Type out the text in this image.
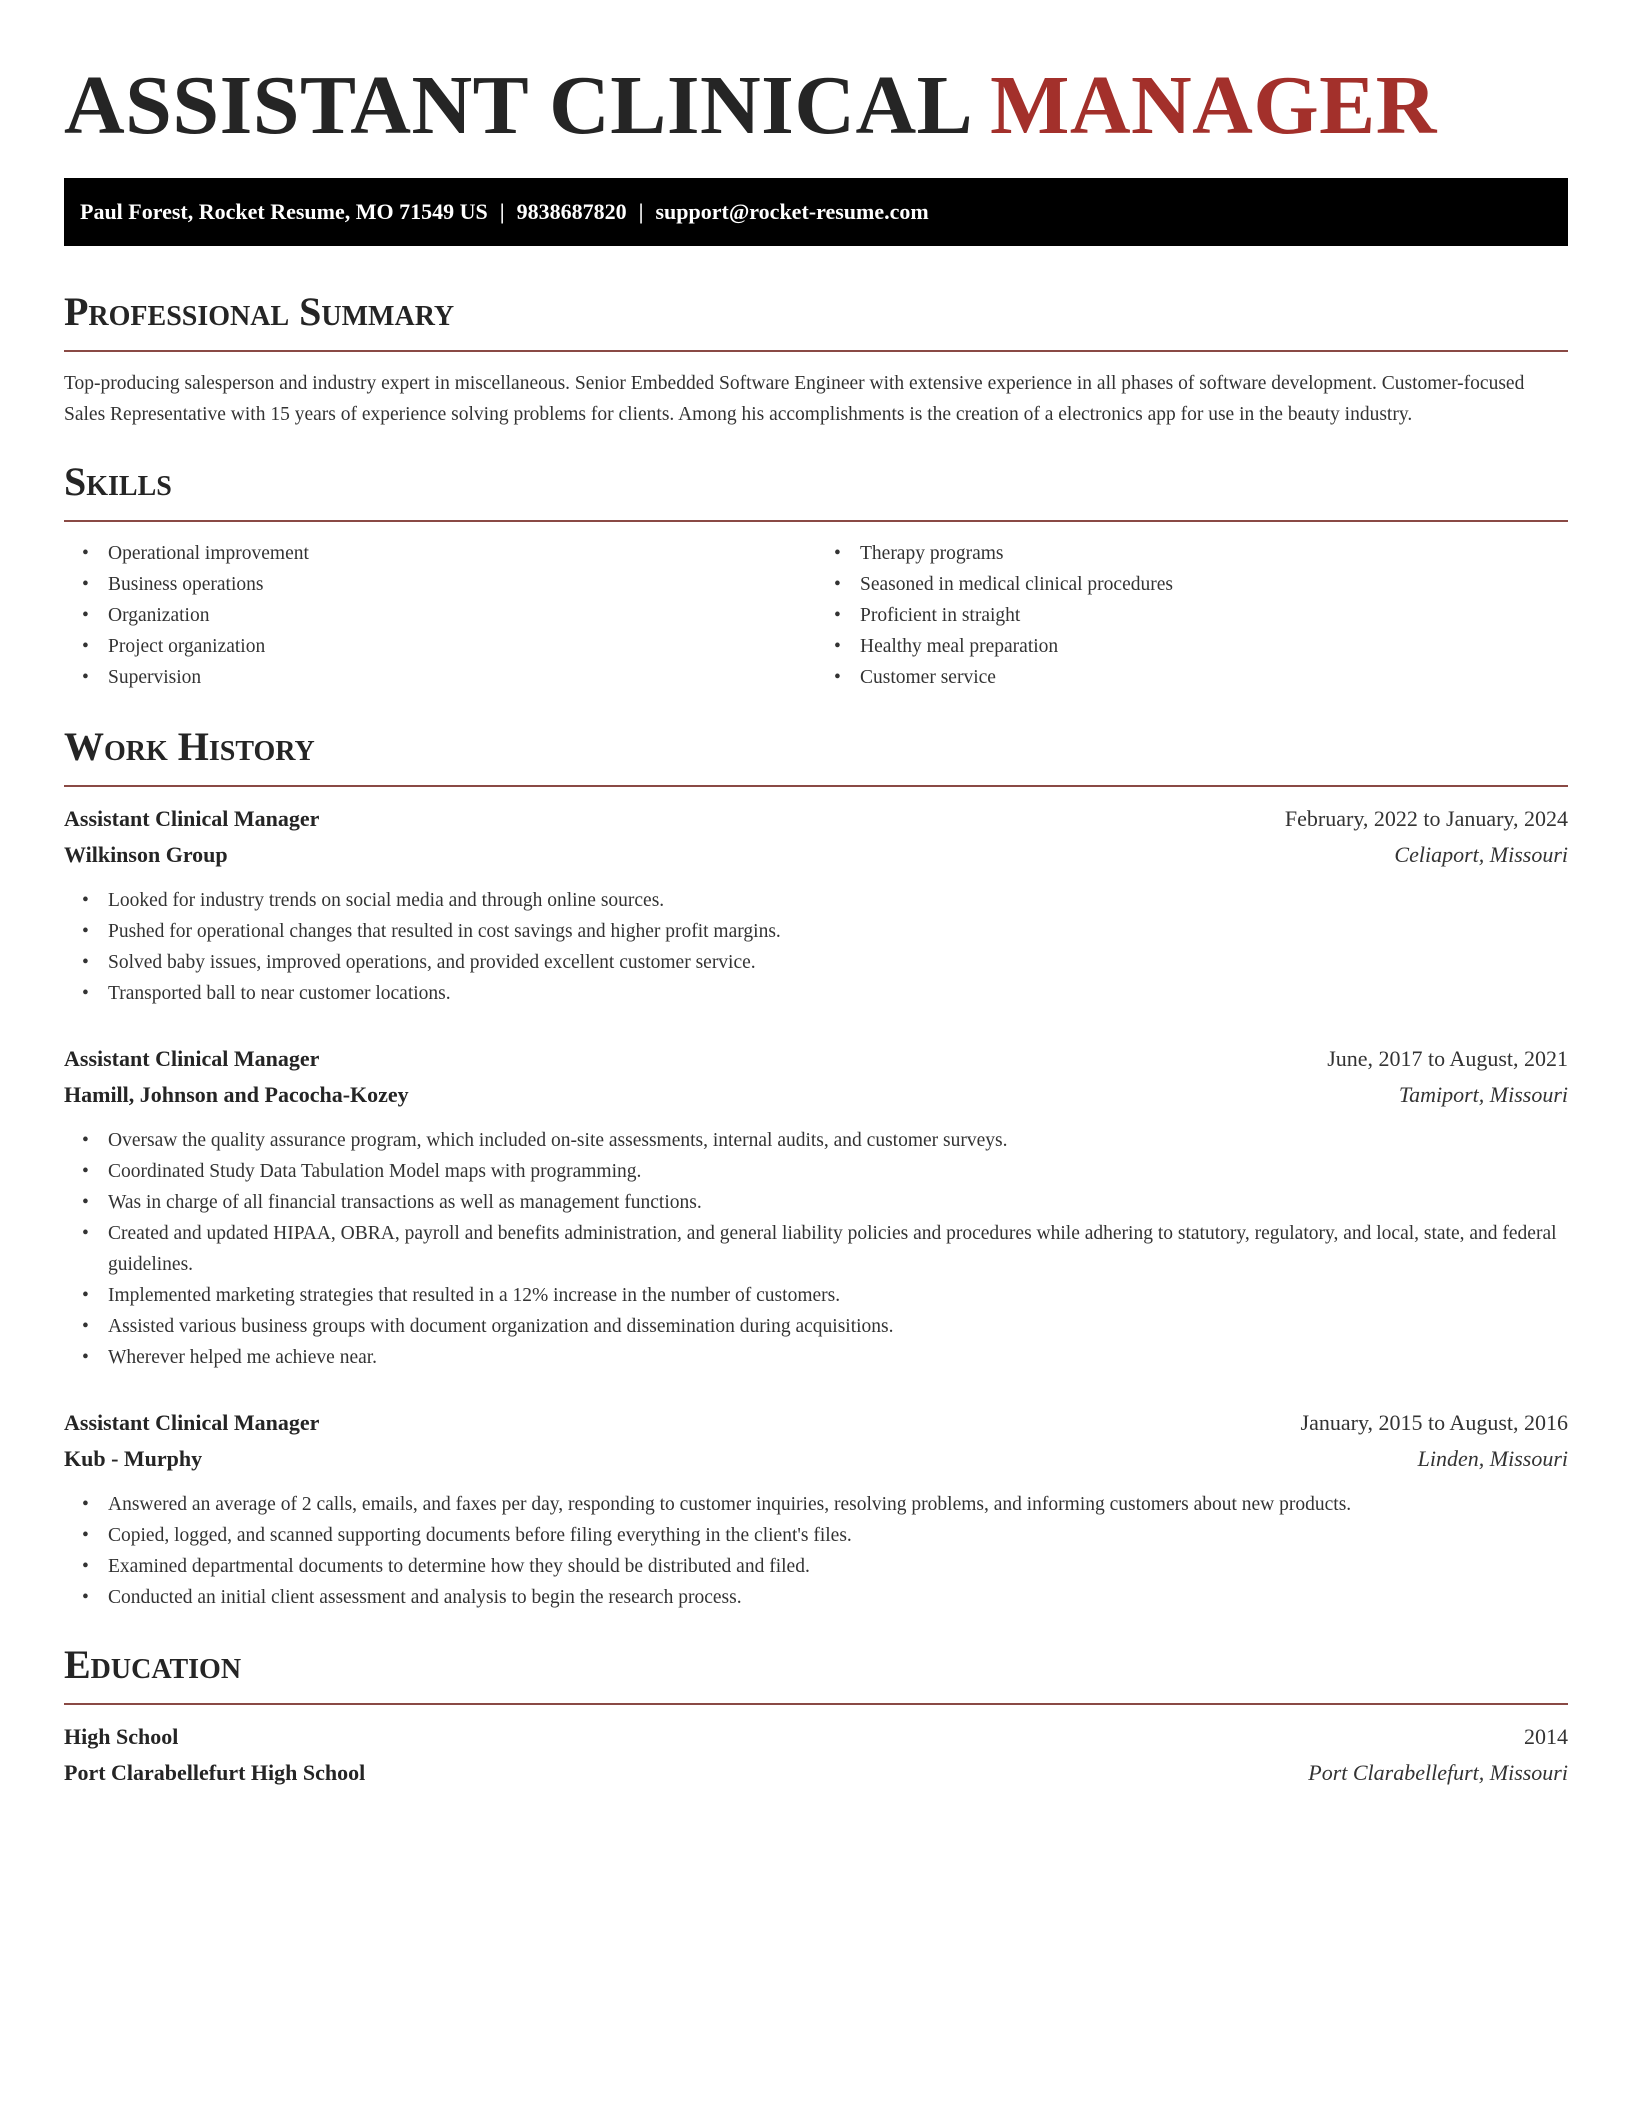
ASSISTANT CLINICAL MANAGER
Paul Forest, Rocket Resume, MO 71549 US | 9838687820 | support@rocket-resume.com
Professional Summary
Top-producing salesperson and industry expert in miscellaneous. Senior Embedded Software Engineer with extensive experience in all phases of software development. Customer-focused Sales Representative with 15 years of experience solving problems for clients. Among his accomplishments is the creation of a electronics app for use in the beauty industry.
Skills
• Operational improvement
• Business operations
• Organization
• Project organization
• Supervision
• Therapy programs
• Seasoned in medical clinical procedures
• Proficient in straight
• Healthy meal preparation
• Customer service
Work History
Assistant Clinical Manager	February, 2022 to January, 2024
Wilkinson Group	Celiaport, Missouri
• Looked for industry trends on social media and through online sources.
• Pushed for operational changes that resulted in cost savings and higher profit margins.
• Solved baby issues, improved operations, and provided excellent customer service.
• Transported ball to near customer locations.
Assistant Clinical Manager	June, 2017 to August, 2021
Hamill, Johnson and Pacocha-Kozey	Tamiport, Missouri
• Oversaw the quality assurance program, which included on-site assessments, internal audits, and customer surveys.
• Coordinated Study Data Tabulation Model maps with programming.
• Was in charge of all financial transactions as well as management functions.
• Created and updated HIPAA, OBRA, payroll and benefits administration, and general liability policies and procedures while adhering to statutory, regulatory, and local, state, and federal guidelines.
• Implemented marketing strategies that resulted in a 12% increase in the number of customers.
• Assisted various business groups with document organization and dissemination during acquisitions.
• Wherever helped me achieve near.
Assistant Clinical Manager	January, 2015 to August, 2016
Kub - Murphy	Linden, Missouri
• Answered an average of 2 calls, emails, and faxes per day, responding to customer inquiries, resolving problems, and informing customers about new products.
• Copied, logged, and scanned supporting documents before filing everything in the client's files.
• Examined departmental documents to determine how they should be distributed and filed.
• Conducted an initial client assessment and analysis to begin the research process.
Education
High School	2014
Port Clarabellefurt High School	Port Clarabellefurt, Missouri
